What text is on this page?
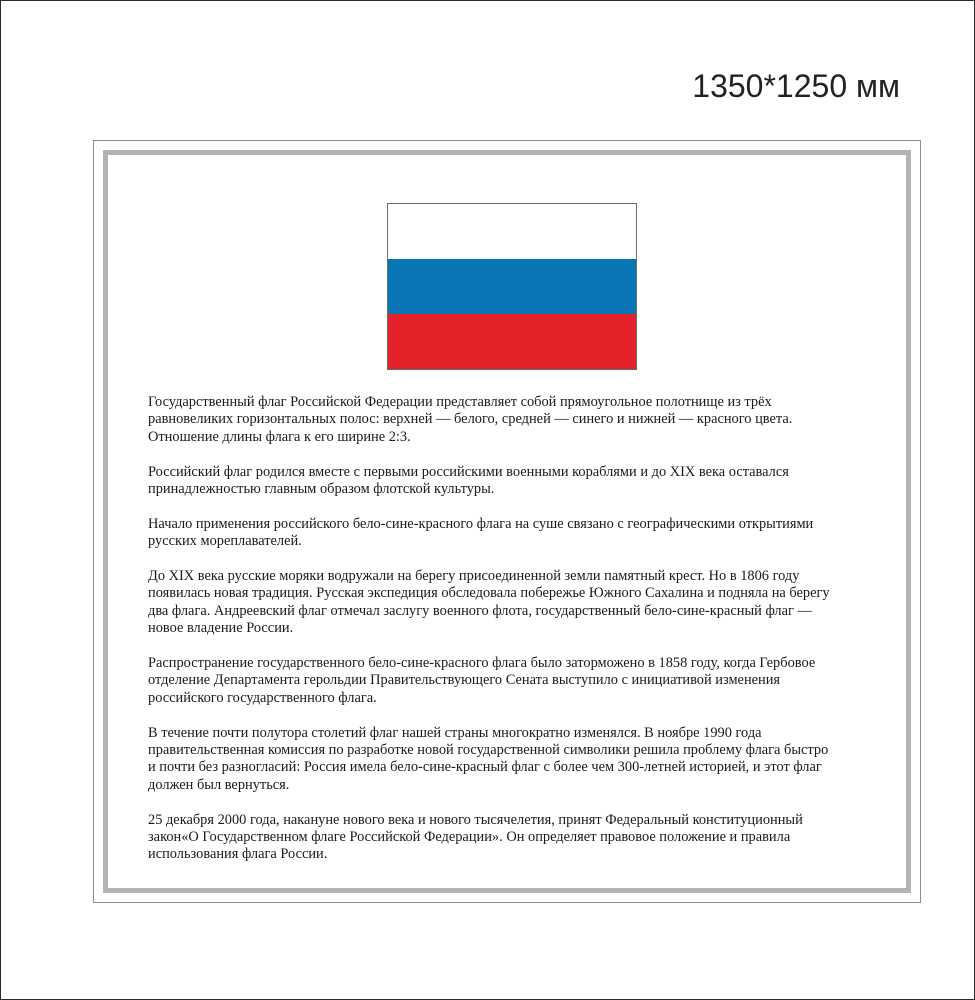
1350*1250 мм

Государственный флаг Российской Федерации представляет собой прямоугольное полотнище из трёх
равновеликих горизонтальных полос: верхней — белого, средней — синего и нижней — красного цвета.
Отношение длины флага к его ширине 2:3.

Российский флаг родился вместе с первыми российскими военными кораблями и до XIX века оставался
принадлежностью главным образом флотской культуры.

Начало применения российского бело-сине-красного флага на суше связано с географическими открытиями
русских мореплавателей.

До XIX века русские моряки водружали на берегу присоединенной земли памятный крест. Но в 1806 году
появилась новая традиция. Русская экспедиция обследовала побережье Южного Сахалина и подняла на берегу
два флага. Андреевский флаг отмечал заслугу военного флота, государственный бело-сине-красный флаг —
новое владение России.

Распространение государственного бело-сине-красного флага было заторможено в 1858 году, когда Гербовое
отделение Департамента герольдии Правительствующего Сената выступило с инициативой изменения
российского государственного флага.

В течение почти полутора столетий флаг нашей страны многократно изменялся. В ноябре 1990 года
правительственная комиссия по разработке новой государственной символики решила проблему флага быстро
и почти без разногласий: Россия имела бело-сине-красный флаг с более чем 300-летней историей, и этот флаг
должен был вернуться.

25 декабря 2000 года, накануне нового века и нового тысячелетия, принят Федеральный конституционный
закон«О Государственном флаге Российской Федерации». Он определяет правовое положение и правила
использования флага России.
